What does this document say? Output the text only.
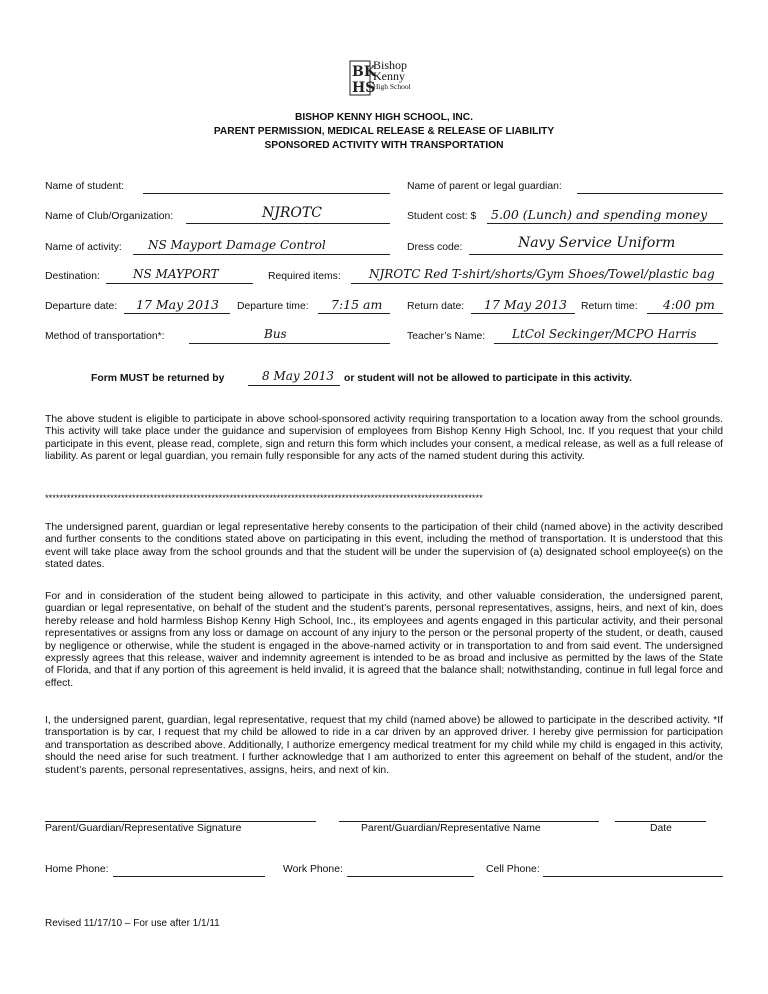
BK
HS
Bishop
Kenny
High School
BISHOP KENNY HIGH SCHOOL, INC.
PARENT PERMISSION, MEDICAL RELEASE & RELEASE OF LIABILITY
SPONSORED ACTIVITY WITH TRANSPORTATION
Name of student:	Name of parent or legal guardian:
Name of Club/Organization:	NJROTC	Student cost: $ 5.00 (Lunch) and spending money
Name of activity: NS Mayport Damage Control	Dress code:	Navy Service Uniform
Destination:	NS MAYPORT	Required items: NJROTC Red T-shirt/shorts/Gym Shoes/Towel/plastic bag
Departure date: 17 May 2013 Departure time: 7:15 am Return date: 17 May 2013 Return time: 4:00 pm
Method of transportation*:	Bus	Teacher’s Name: LtCol Seckinger/MCPO Harris
Form MUST be returned by	8 May 2013 or student will not be allowed to participate in this activity.
The above student is eligible to participate in above school-sponsored activity requiring transportation to a location away from the school grounds. This activity will take place under the guidance and supervision of employees from Bishop Kenny High School, Inc. If you request that your child participate in this event, please read, complete, sign and return this form which includes your consent, a medical release, as well as a full release of liability. As parent or legal guardian, you remain fully responsible for any acts of the named student during this activity.
*************************************************************************************************************************
The undersigned parent, guardian or legal representative hereby consents to the participation of their child (named above) in the activity described and further consents to the conditions stated above on participating in this event, including the method of transportation. It is understood that this event will take place away from the school grounds and that the student will be under the supervision of (a) designated school employee(s) on the stated dates.
For and in consideration of the student being allowed to participate in this activity, and other valuable consideration, the undersigned parent, guardian or legal representative, on behalf of the student and the student’s parents, personal representatives, assigns, heirs, and next of kin, does hereby release and hold harmless Bishop Kenny High School, Inc., its employees and agents engaged in this particular activity, and their personal representatives or assigns from any loss or damage on account of any injury to the person or the personal property of the student, or death, caused by negligence or otherwise, while the student is engaged in the above-named activity or in transportation to and from said event. The undersigned expressly agrees that this release, waiver and indemnity agreement is intended to be as broad and inclusive as permitted by the laws of the State of Florida, and that if any portion of this agreement is held invalid, it is agreed that the balance shall; notwithstanding, continue in full legal force and effect.
I, the undersigned parent, guardian, legal representative, request that my child (named above) be allowed to participate in the described activity. *If transportation is by car, I request that my child be allowed to ride in a car driven by an approved driver. I hereby give permission for participation and transportation as described above. Additionally, I authorize emergency medical treatment for my child while my child is engaged in this activity, should the need arise for such treatment. I further acknowledge that I am authorized to enter this agreement on behalf of the student, and/or the student’s parents, personal representatives, assigns, heirs, and next of kin.
Parent/Guardian/Representative Signature	Parent/Guardian/Representative Name	Date
Home Phone:	Work Phone:	Cell Phone:
Revised 11/17/10 – For use after 1/1/11
